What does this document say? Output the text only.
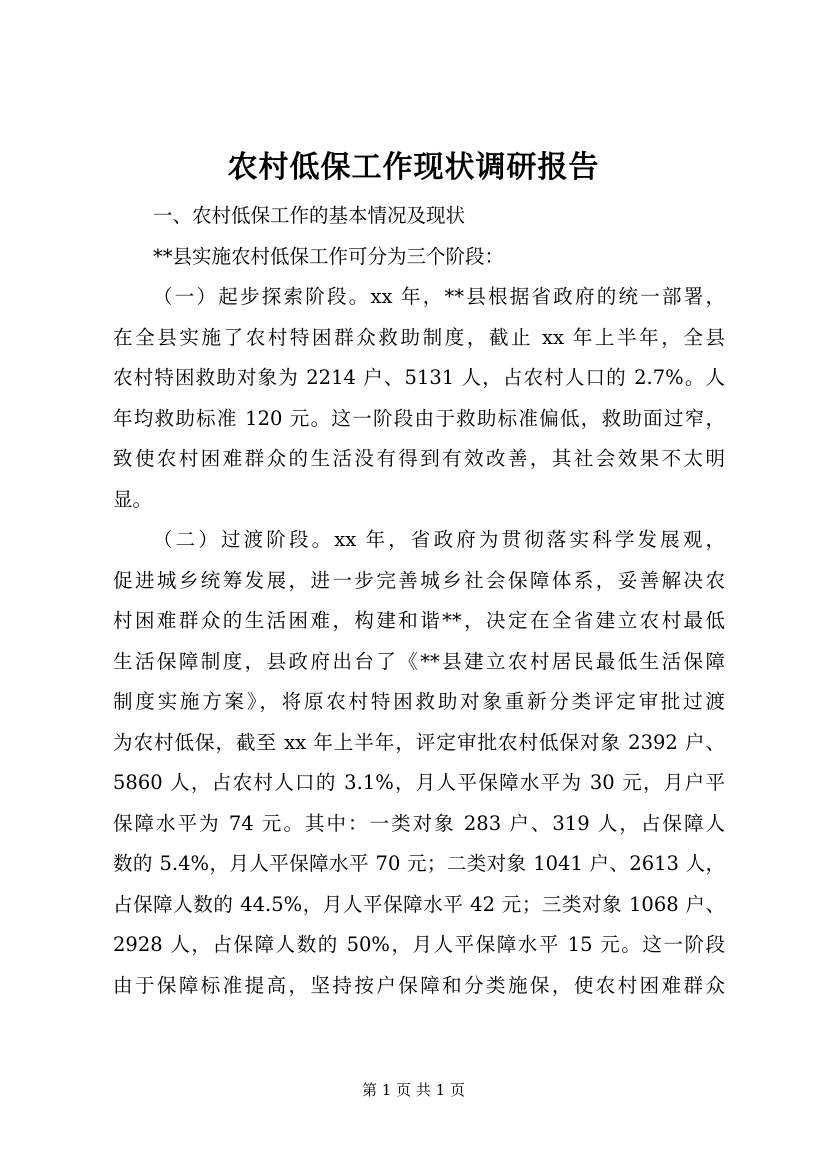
农村低保工作现状调研报告
一、农村低保工作的基本情况及现状
**县实施农村低保工作可分为三个阶段：
（一）起步探索阶段。xx 年，**县根据省政府的统一部署，
在全县实施了农村特困群众救助制度，截止 xx 年上半年，全县
农村特困救助对象为 2214 户、5131 人，占农村人口的 2.7%。人
年均救助标准 120 元。这一阶段由于救助标准偏低，救助面过窄，
致使农村困难群众的生活没有得到有效改善，其社会效果不太明
显。
（二）过渡阶段。xx 年，省政府为贯彻落实科学发展观，
促进城乡统筹发展，进一步完善城乡社会保障体系，妥善解决农
村困难群众的生活困难，构建和谐**，决定在全省建立农村最低
生活保障制度，县政府出台了《**县建立农村居民最低生活保障
制度实施方案》，将原农村特困救助对象重新分类评定审批过渡
为农村低保，截至 xx 年上半年，评定审批农村低保对象 2392 户、
5860 人，占农村人口的 3.1%，月人平保障水平为 30 元，月户平
保障水平为 74 元。其中：一类对象 283 户、319 人，占保障人
数的 5.4%，月人平保障水平 70 元；二类对象 1041 户、2613 人，
占保障人数的 44.5%，月人平保障水平 42 元；三类对象 1068 户、
2928 人，占保障人数的 50%，月人平保障水平 15 元。这一阶段
由于保障标准提高，坚持按户保障和分类施保，使农村困难群众
第 1 页 共 1 页
